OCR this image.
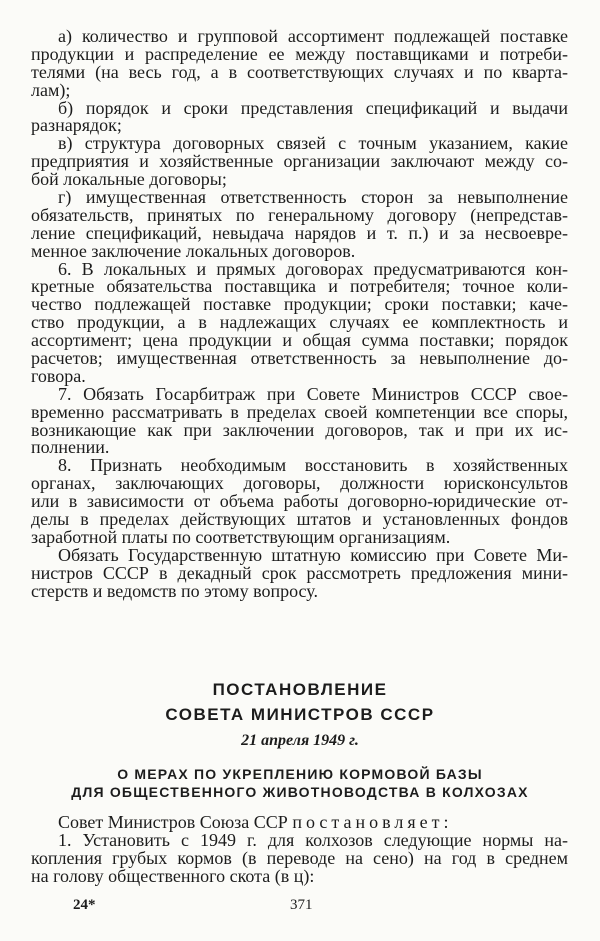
а) количество и групповой ассортимент подлежащей поставке
продукции и распределение ее между поставщиками и потреби-
телями (на весь год, а в соответствующих случаях и по кварта-
лам);
б) порядок и сроки представления спецификаций и выдачи
разнарядок;
в) структура договорных связей с точным указанием, какие
предприятия и хозяйственные организации заключают между со-
бой локальные договоры;
г) имущественная ответственность сторон за невыполнение
обязательств, принятых по генеральному договору (непредстав-
ление спецификаций, невыдача нарядов и т. п.) и за несвоевре-
менное заключение локальных договоров.
6. В локальных и прямых договорах предусматриваются кон-
кретные обязательства поставщика и потребителя; точное коли-
чество подлежащей поставке продукции; сроки поставки; каче-
ство продукции, а в надлежащих случаях ее комплектность и
ассортимент; цена продукции и общая сумма поставки; порядок
расчетов; имущественная ответственность за невыполнение до-
говора.
7. Обязать Госарбитраж при Совете Министров СССР свое-
временно рассматривать в пределах своей компетенции все споры,
возникающие как при заключении договоров, так и при их ис-
полнении.
8. Признать необходимым восстановить в хозяйственных
органах, заключающих договоры, должности юрисконсультов
или в зависимости от объема работы договорно-юридические от-
делы в пределах действующих штатов и установленных фондов
заработной платы по соответствующим организациям.
Обязать Государственную штатную комиссию при Совете Ми-
нистров СССР в декадный срок рассмотреть предложения мини-
стерств и ведомств по этому вопросу.
ПОСТАНОВЛЕНИЕ
СОВЕТА МИНИСТРОВ СССР
21 апреля 1949 г.
О МЕРАХ ПО УКРЕПЛЕНИЮ КОРМОВОЙ БАЗЫ
ДЛЯ ОБЩЕСТВЕННОГО ЖИВОТНОВОДСТВА В КОЛХОЗАХ
Совет Министров Союза ССР постановляет:
1. Установить с 1949 г. для колхозов следующие нормы на-
копления грубых кормов (в переводе на сено) на год в среднем
на голову общественного скота (в ц):
24*	371
